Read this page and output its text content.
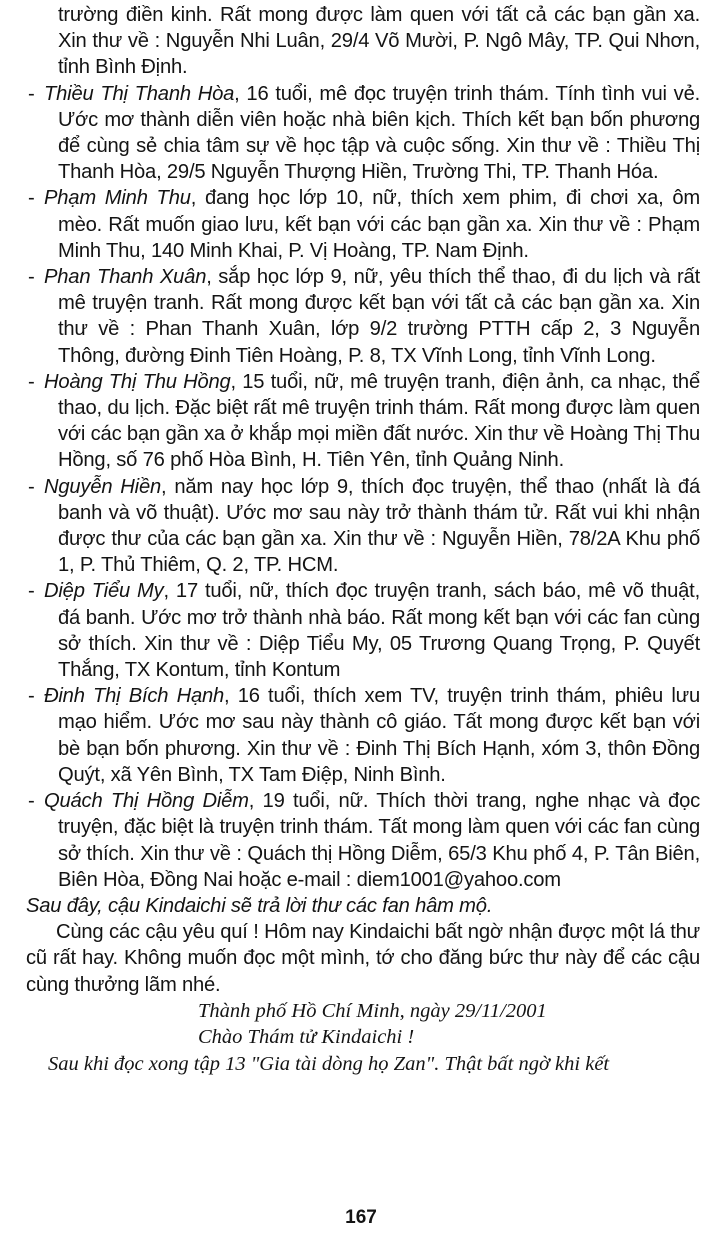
trường điền kinh. Rất mong được làm quen với tất cả các bạn gần xa. Xin thư về : Nguyễn Nhi Luân, 29/4 Võ Mười, P. Ngô Mây, TP. Qui Nhơn, tỉnh Bình Định.

-Thiều Thị Thanh Hòa, 16 tuổi, mê đọc truyện trinh thám. Tính tình vui vẻ. Ước mơ thành diễn viên hoặc nhà biên kịch. Thích kết bạn bốn phương để cùng sẻ chia tâm sự về học tập và cuộc sống. Xin thư về : Thiều Thị Thanh Hòa, 29/5 Nguyễn Thượng Hiền, Trường Thi, TP. Thanh Hóa.

-Phạm Minh Thu, đang học lớp 10, nữ, thích xem phim, đi chơi xa, ôm mèo. Rất muốn giao lưu, kết bạn với các bạn gần xa. Xin thư về : Phạm Minh Thu, 140 Minh Khai, P. Vị Hoàng, TP. Nam Định.

-Phan Thanh Xuân, sắp học lớp 9, nữ, yêu thích thể thao, đi du lịch và rất mê truyện tranh. Rất mong được kết bạn với tất cả các bạn gần xa. Xin thư về : Phan Thanh Xuân, lớp 9/2 trường PTTH cấp 2, 3 Nguyễn Thông, đường Đinh Tiên Hoàng, P. 8, TX Vĩnh Long, tỉnh Vĩnh Long.

-Hoàng Thị Thu Hồng, 15 tuổi, nữ, mê truyện tranh, điện ảnh, ca nhạc, thể thao, du lịch. Đặc biệt rất mê truyện trinh thám. Rất mong được làm quen với các bạn gần xa ở khắp mọi miền đất nước. Xin thư về Hoàng Thị Thu Hồng, số 76 phố Hòa Bình, H. Tiên Yên, tỉnh Quảng Ninh.

-Nguyễn Hiền, năm nay học lớp 9, thích đọc truyện, thể thao (nhất là đá banh và võ thuật). Ước mơ sau này trở thành thám tử. Rất vui khi nhận được thư của các bạn gần xa. Xin thư về : Nguyễn Hiền, 78/2A Khu phố 1, P. Thủ Thiêm, Q. 2, TP. HCM.

-Diệp Tiểu My, 17 tuổi, nữ, thích đọc truyện tranh, sách báo, mê võ thuật, đá banh. Ước mơ trở thành nhà báo. Rất mong kết bạn với các fan cùng sở thích. Xin thư về : Diệp Tiểu My, 05 Trương Quang Trọng, P. Quyết Thắng, TX Kontum, tỉnh Kontum

-Đinh Thị Bích Hạnh, 16 tuổi, thích xem TV, truyện trinh thám, phiêu lưu mạo hiểm. Ước mơ sau này thành cô giáo. Tất mong được kết bạn với bè bạn bốn phương. Xin thư về : Đinh Thị Bích Hạnh, xóm 3, thôn Đồng Quýt, xã Yên Bình, TX Tam Điệp, Ninh Bình.

-Quách Thị Hồng Diễm, 19 tuổi, nữ. Thích thời trang, nghe nhạc và đọc truyện, đặc biệt là truyện trinh thám. Tất mong làm quen với các fan cùng sở thích. Xin thư về : Quách thị Hồng Diễm, 65/3 Khu phố 4, P. Tân Biên, Biên Hòa, Đồng Nai hoặc e-mail : diem1001@yahoo.com

Sau đây, cậu Kindaichi sẽ trả lời thư các fan hâm mộ.

Cùng các cậu yêu quí ! Hôm nay Kindaichi bất ngờ nhận được một lá thư cũ rất hay. Không muốn đọc một mình, tớ cho đăng bức thư này để các cậu cùng thưởng lãm nhé.

Thành phố Hồ Chí Minh, ngày 29/11/2001

Chào Thám tử Kindaichi !

Sau khi đọc xong tập 13 "Gia tài dòng họ Zan". Thật bất ngờ khi kết

167
